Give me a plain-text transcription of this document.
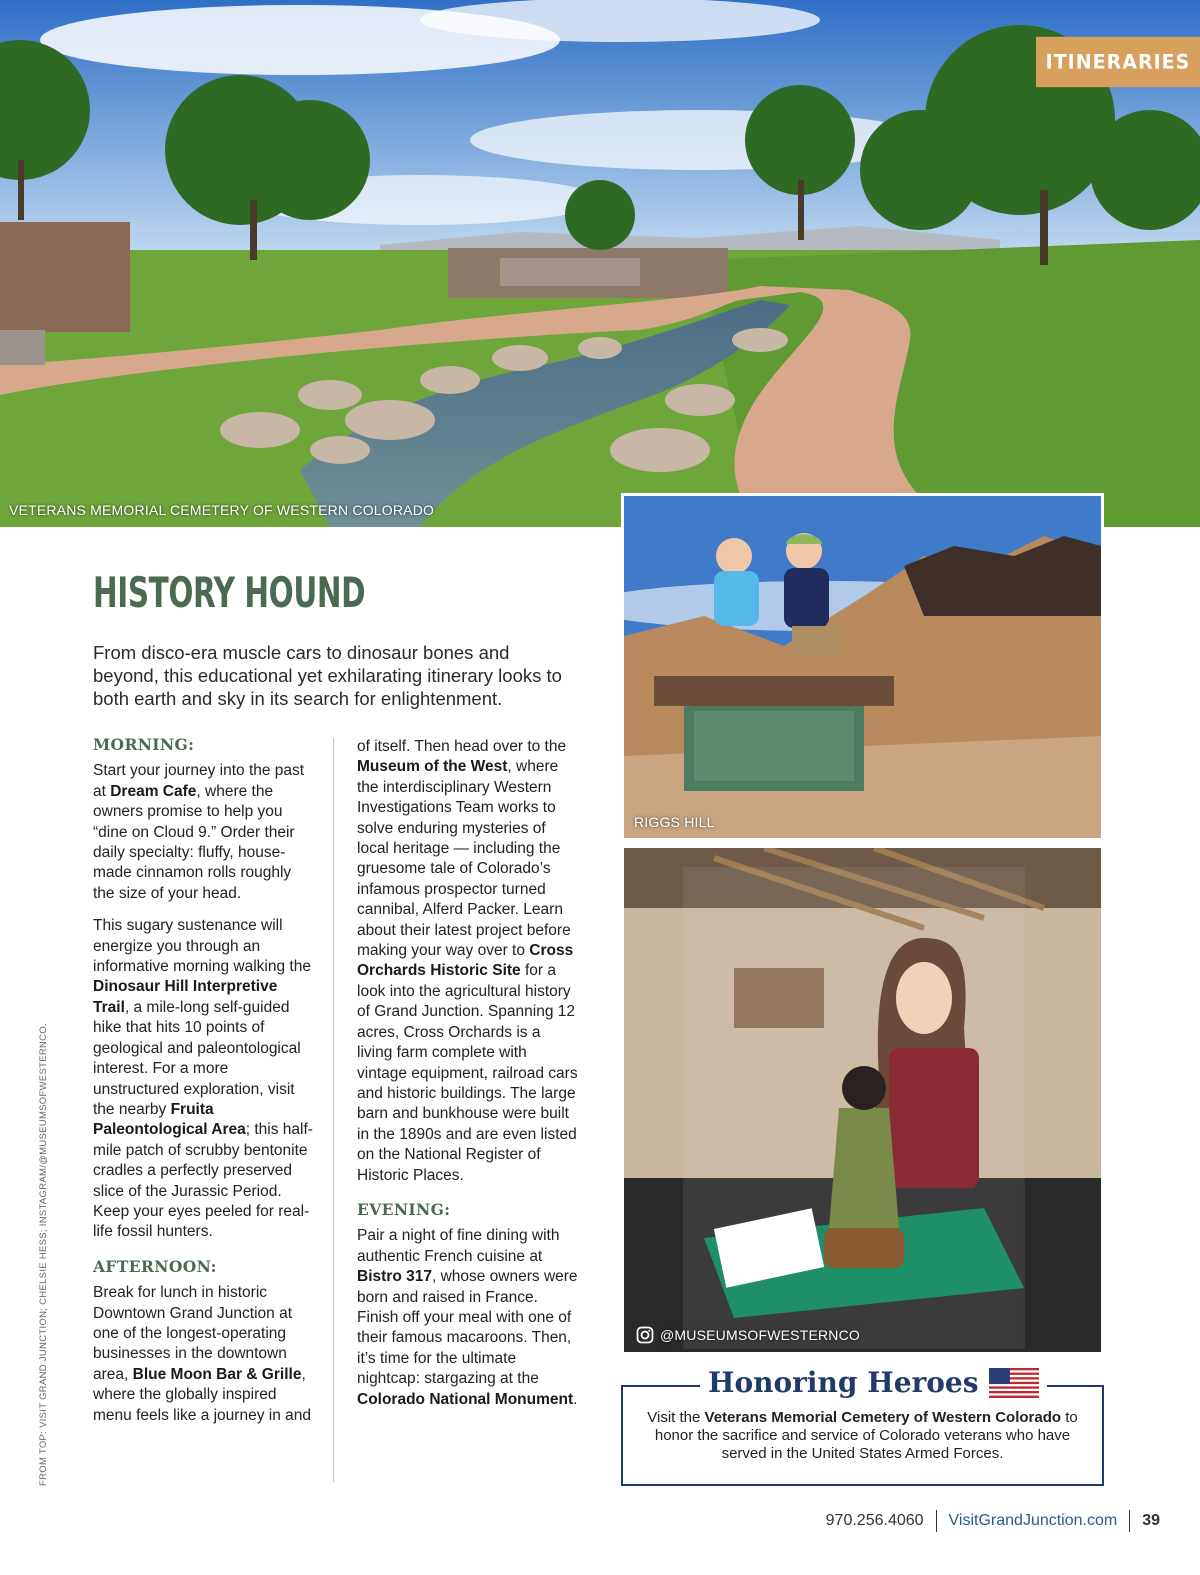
VETERANS MEMORIAL CEMETERY OF WESTERN COLORADO
ITINERARIES
RIGGS HILL
@MUSEUMSOFWESTERNCO
HISTORY HOUND
From disco-era muscle cars to dinosaur bones and beyond, this educational yet exhilarating itinerary looks to both earth and sky in its search for enlightenment.
MORNING:

Start your journey into the past at Dream Cafe, where the owners promise to help you “dine on Cloud 9.” Order their daily specialty: fluffy, house-made cinnamon rolls roughly the size of your head.

This sugary sustenance will energize you through an informative morning walking the Dinosaur Hill Interpretive Trail, a mile-long self-guided hike that hits 10 points of geological and paleontological interest. For a more unstructured exploration, visit the nearby Fruita Paleontological Area; this half-mile patch of scrubby bentonite cradles a perfectly preserved slice of the Jurassic Period. Keep your eyes peeled for real-life fossil hunters.

AFTERNOON:

Break for lunch in historic Downtown Grand Junction at one of the longest-operating businesses in the downtown area, Blue Moon Bar & Grille, where the globally inspired menu feels like a journey in and

of itself. Then head over to the Museum of the West, where the interdisciplinary Western Investigations Team works to solve enduring mysteries of local heritage — including the gruesome tale of Colorado’s infamous prospector turned cannibal, Alferd Packer. Learn about their latest project before making your way over to Cross Orchards Historic Site for a look into the agricultural history of Grand Junction. Spanning 12 acres, Cross Orchards is a living farm complete with vintage equipment, railroad cars and historic buildings. The large barn and bunkhouse were built in the 1890s and are even listed on the National Register of Historic Places.

EVENING:

Pair a night of fine dining with authentic French cuisine at Bistro 317, whose owners were born and raised in France. Finish off your meal with one of their famous macaroons. Then, it’s time for the ultimate nightcap: stargazing at the Colorado National Monument.

FROM TOP: VISIT GRAND JUNCTION; CHELSIE HESS; INSTAGRAM/@MUSEUMSOFWESTERNCO.	Honoring Heroes
Visit the Veterans Memorial Cemetery of Western Colorado to honor the sacrifice and service of Colorado veterans who have served in the United States Armed Forces.
970.256.4060 VisitGrandJunction.com 39
